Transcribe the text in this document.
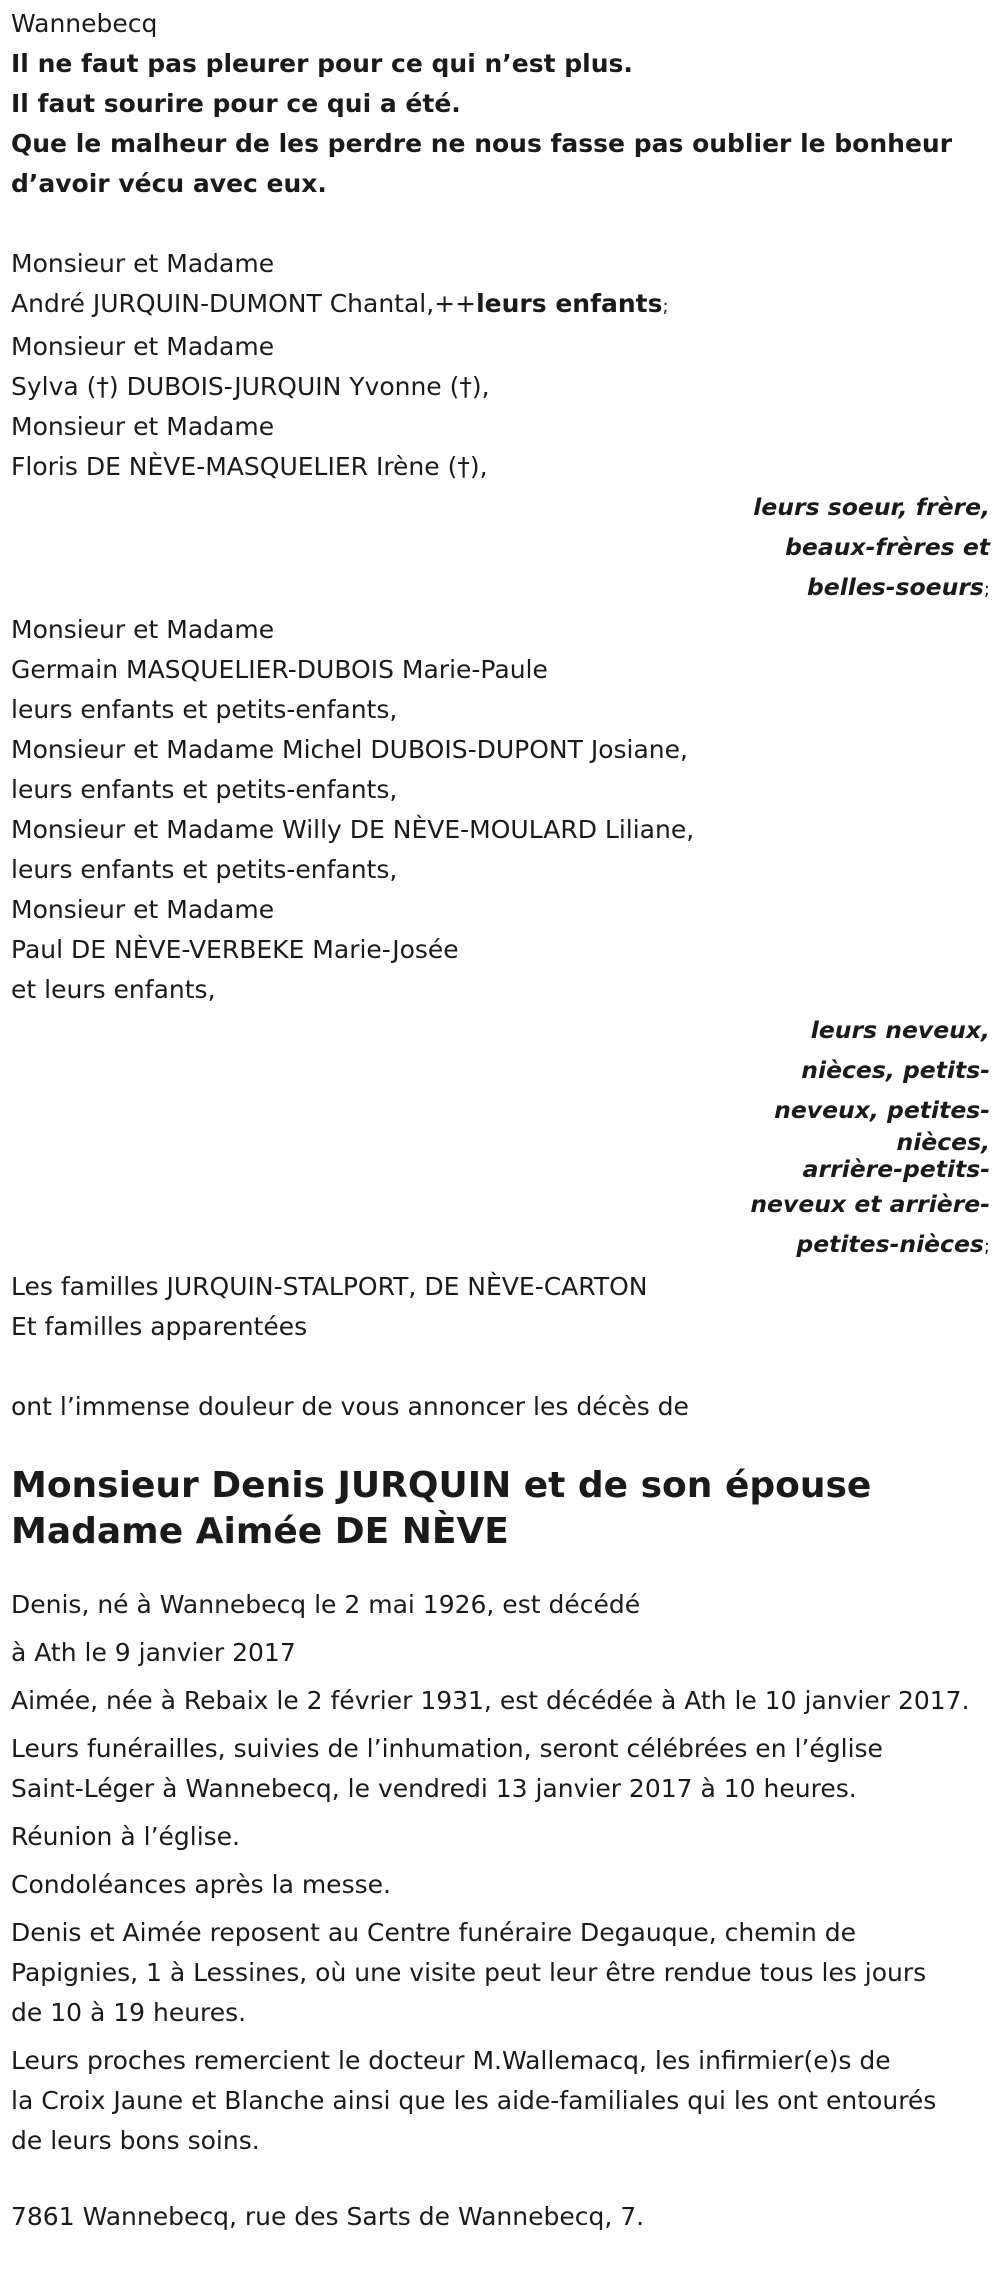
Wannebecq
Il ne faut pas pleurer pour ce qui n’est plus.
Il faut sourire pour ce qui a été.
Que le malheur de les perdre ne nous fasse pas oublier le bonheur
d’avoir vécu avec eux.
Monsieur et Madame
André JURQUIN-DUMONT Chantal,++leurs enfants;
Monsieur et Madame
Sylva (†) DUBOIS-JURQUIN Yvonne (†),
Monsieur et Madame
Floris DE NÈVE-MASQUELIER Irène (†),
leurs soeur, frère,
beaux-frères et
belles-soeurs;
Monsieur et Madame
Germain MASQUELIER-DUBOIS Marie-Paule
leurs enfants et petits-enfants,
Monsieur et Madame Michel DUBOIS-DUPONT Josiane,
leurs enfants et petits-enfants,
Monsieur et Madame Willy DE NÈVE-MOULARD Liliane,
leurs enfants et petits-enfants,
Monsieur et Madame
Paul DE NÈVE-VERBEKE Marie-Josée
et leurs enfants,
leurs neveux,
nièces, petits-
neveux, petites-
nièces,
arrière-petits-
neveux et arrière-
petites-nièces;
Les familles JURQUIN-STALPORT, DE NÈVE-CARTON
Et familles apparentées
ont l’immense douleur de vous annoncer les décès de
Monsieur Denis JURQUIN et de son épouse
Madame Aimée DE NÈVE
Denis, né à Wannebecq le 2 mai 1926, est décédé
à Ath le 9 janvier 2017
Aimée, née à Rebaix le 2 février 1931, est décédée à Ath le 10 janvier 2017.
Leurs funérailles, suivies de l’inhumation, seront célébrées en l’église
Saint-Léger à Wannebecq, le vendredi 13 janvier 2017 à 10 heures.
Réunion à l’église.
Condoléances après la messe.
Denis et Aimée reposent au Centre funéraire Degauque, chemin de
Papignies, 1 à Lessines, où une visite peut leur être rendue tous les jours
de 10 à 19 heures.
Leurs proches remercient le docteur M.Wallemacq, les infirmier(e)s de
la Croix Jaune et Blanche ainsi que les aide-familiales qui les ont entourés
de leurs bons soins.
7861 Wannebecq, rue des Sarts de Wannebecq, 7.
